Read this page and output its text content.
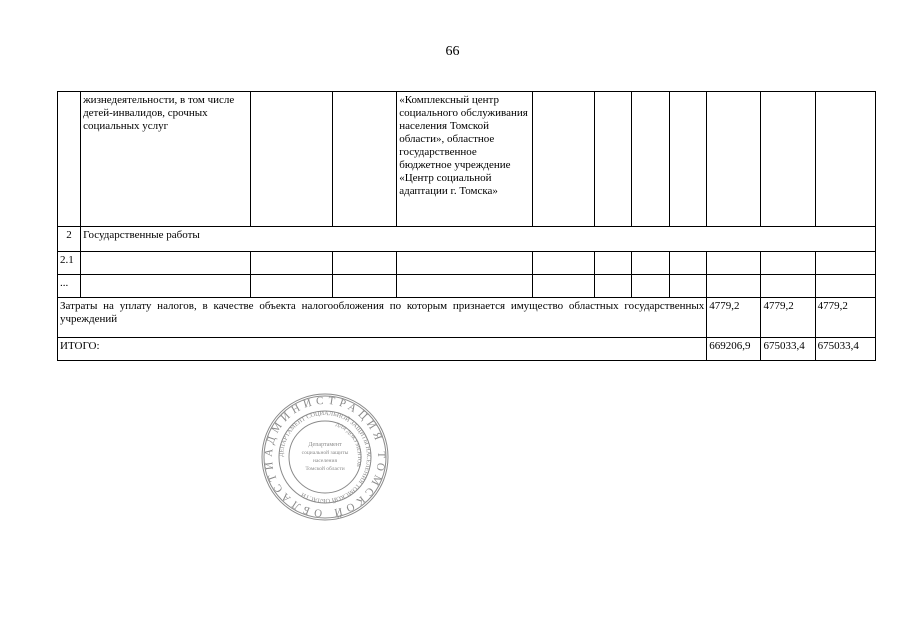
66
	жизнедеятельности, в том числе детей-инвалидов, срочных социальных услуг			«Комплексный центр социального обслуживания населения Томской области», областное государственное бюджетное учреждение «Центр социальной адаптации г. Томска»							
2	Государственные работы										
2.1											
...											
Затраты на уплату налогов, в качестве объекта налогообложения по которым признается имущество областных государственных учреждений									4779,2	4779,2	4779,2
ИТОГО:									669206,9	675033,4	675033,4
АДМИНИСТРАЦИЯ ТОМСКОЙ ОБЛАСТИ
ДЕПАРТАМЕНТ СОЦИАЛЬНОЙ ЗАЩИТЫ НАСЕЛЕНИЯ ТОМСКОЙ ОБЛАСТИ
ДЛЯ ДОКУМЕНТОВ
Департамент
социальной защиты
населения
Томской области
